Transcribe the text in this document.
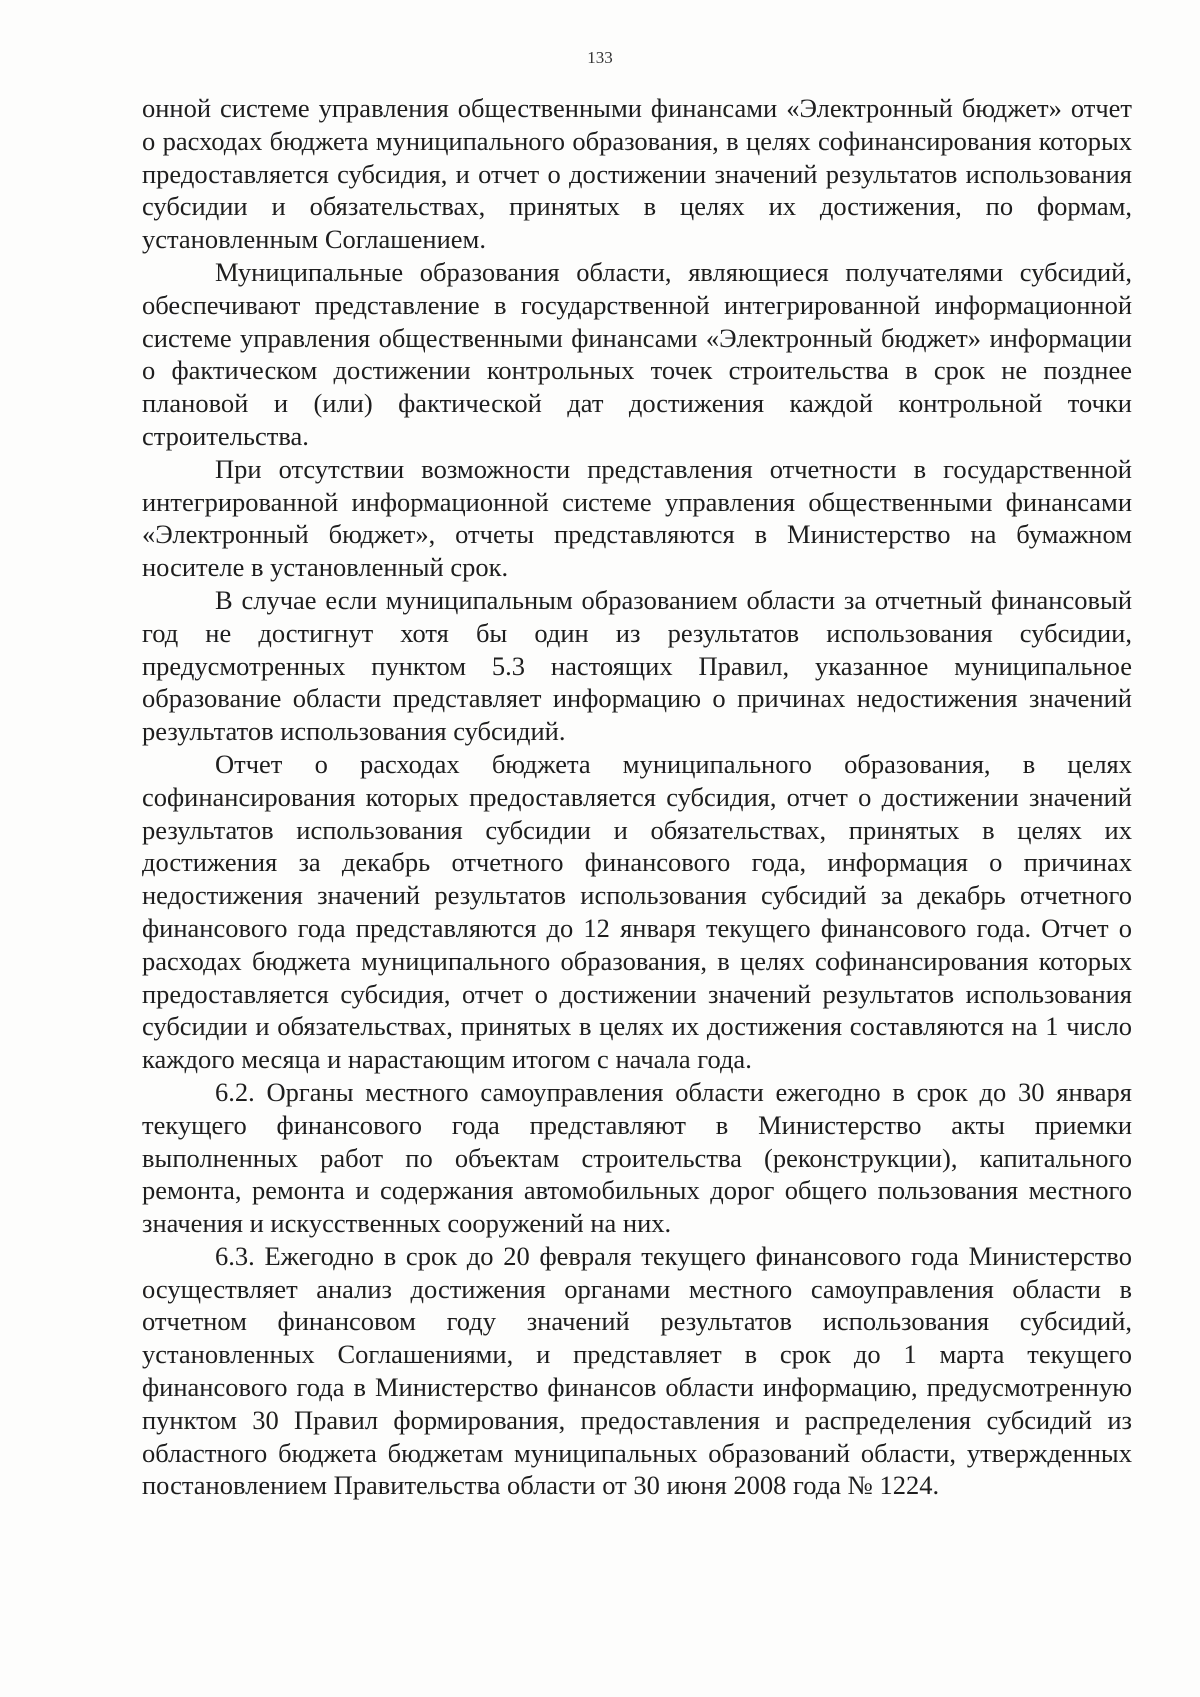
133

онной системе управления общественными финансами «Электронный бюджет» отчет о расходах бюджета муниципального образования, в целях софинансирования которых предоставляется субсидия, и отчет о достижении значений результатов использования субсидии и обязательствах, принятых в целях их достижения, по формам, установленным Соглашением.

Муниципальные образования области, являющиеся получателями субсидий, обеспечивают представление в государственной интегрированной информационной системе управления общественными финансами «Электронный бюджет» информации о фактическом достижении контрольных точек строительства в срок не позднее плановой и (или) фактической дат достижения каждой контрольной точки строительства.

При отсутствии возможности представления отчетности в государственной интегрированной информационной системе управления общественными финансами «Электронный бюджет», отчеты представляются в Министерство на бумажном носителе в установленный срок.

В случае если муниципальным образованием области за отчетный финансовый год не достигнут хотя бы один из результатов использования субсидии, предусмотренных пунктом 5.3 настоящих Правил, указанное муниципальное образование области представляет информацию о причинах недостижения значений результатов использования субсидий.

Отчет о расходах бюджета муниципального образования, в целях софинансирования которых предоставляется субсидия, отчет о достижении значений результатов использования субсидии и обязательствах, принятых в целях их достижения за декабрь отчетного финансового года, информация о причинах недостижения значений результатов использования субсидий за декабрь отчетного финансового года представляются до 12 января текущего финансового года. Отчет о расходах бюджета муниципального образования, в целях софинансирования которых предоставляется субсидия, отчет о достижении значений результатов использования субсидии и обязательствах, принятых в целях их достижения составляются на 1 число каждого месяца и нарастающим итогом с начала года.

6.2. Органы местного самоуправления области ежегодно в срок до 30 января текущего финансового года представляют в Министерство акты приемки выполненных работ по объектам строительства (реконструкции), капитального ремонта, ремонта и содержания автомобильных дорог общего пользования местного значения и искусственных сооружений на них.

6.3. Ежегодно в срок до 20 февраля текущего финансового года Министерство осуществляет анализ достижения органами местного самоуправления области в отчетном финансовом году значений результатов использования субсидий, установленных Соглашениями, и представляет в срок до 1 марта текущего финансового года в Министерство финансов области информацию, предусмотренную пунктом 30 Правил формирования, предоставления и распределения субсидий из областного бюджета бюджетам муниципальных образований области, утвержденных постановлением Правительства области от 30 июня 2008 года № 1224.
